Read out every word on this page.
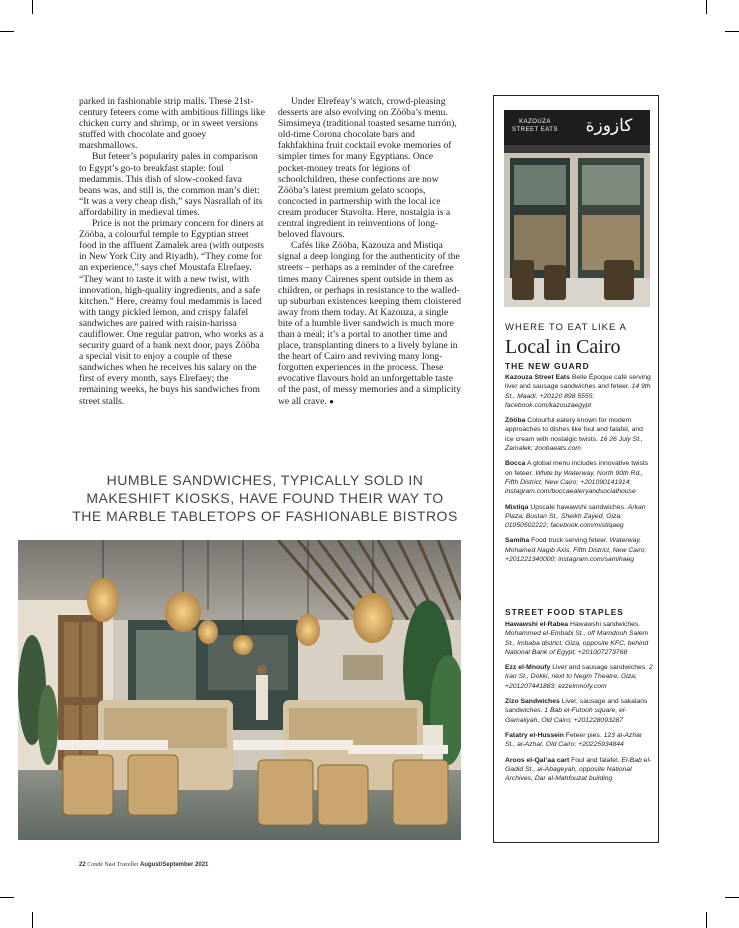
parked in fashionable strip malls. These 21st-century feteers come with ambitious fillings like chicken curry and shrimp, or in sweet versions stuffed with chocolate and gooey marshmallows.

But feteer’s popularity pales in comparison to Egypt’s go-to breakfast staple: foul medammis. This dish of slow-cooked fava beans was, and still is, the common man’s diet: “It was a very cheap dish,” says Nasrallah of its affordability in medieval times.

Price is not the primary concern for diners at Zööba, a colourful temple to Egyptian street food in the affluent Zamalek area (with outposts in New York City and Riyadh). “They come for an experience,” says chef Moustafa Elrefaey. “They want to taste it with a new twist, with innovation, high-quality ingredients, and a safe kitchen.” Here, creamy foul medammis is laced with tangy pickled lemon, and crispy falafel sandwiches are paired with raisin-harissa cauliflower. One regular patron, who works as a security guard of a bank next door, pays Zööba a special visit to enjoy a couple of these sandwiches when he receives his salary on the first of every month, says Elrefaey; the remaining weeks, he buys his sandwiches from street stalls.

Under Elrefeay’s watch, crowd-pleasing desserts are also evolving on Zööba’s menu. Simsimeya (traditional toasted sesame turrón), old-time Corona chocolate bars and fakhfakhina fruit cocktail evoke memories of simpler times for many Egyptians. Once pocket-money treats for legions of schoolchildren, these confections are now Zööba’s latest premium gelato scoops, concocted in partnership with the local ice cream producer Stavolta. Here, nostalgia is a central ingredient in reinventions of long-beloved flavours.

Cafés like Zööba, Kazouza and Mistiqa signal a deep longing for the authenticity of the streets – perhaps as a reminder of the carefree times many Cairenes spent outside in them as children, or perhaps in resistance to the walled-up suburban existences keeping them cloistered away from them today. At Kazouza, a single bite of a humble liver sandwich is much more than a meal; it’s a portal to another time and place, transplanting diners to a lively bylane in the heart of Cairo and reviving many long-forgotten experiences in the process. These evocative flavours hold an unforgettable taste of the past, of messy memories and a simplicity we all crave. ●

HUMBLE SANDWICHES, TYPICALLY SOLD IN MAKESHIFT KIOSKS, HAVE FOUND THEIR WAY TO THE MARBLE TABLETOPS OF FASHIONABLE BISTROS
KAZOUZA STREET EATS	كازوزة
WHERE TO EAT LIKE A
Local in Cairo
THE NEW GUARD

Kazouza Street Eats Belle Époque café serving liver and sausage sandwiches and feteer. 14 9th St., Maadi; +20120 898 5555; facebook.com/kazouzaegypt

Zööba Colourful eatery known for modern approaches to dishes like foul and falafel, and ice cream with nostalgic twists. 16 26 July St., Zamalek; zoobaeats.com

Bocca A global menu includes innovative twists on feteer. White by Waterway, North 90th Rd., Fifth District, New Cairo; +201090141914; instagram.com/boccaeateryandsocialhouse

Mistiqa Upscale hawawshi sandwiches. Arkan Plaza, Bustan St., Sheikh Zayed, Giza; 01050502222; facebook.com/mistiqaeg

Samiha Food truck serving feteer. Waterway, Mohamed Nagib Axis, Fifth District, New Cairo; +201221340000; instagram.com/samihaeg

STREET FOOD STAPLES

Hawawshi el-Rabea Hawawshi sandwiches. Mohammed el-Embabi St., off Mamdouh Salem St., Imbaba district, Giza, opposite KFC, behind National Bank of Egypt; +201007273768

Ezz el-Mnoufy Liver and sausage sandwiches. 2 Iran St., Dokki, next to Negm Theatre, Giza; +201207441883; ezzelmnofy.com

Zizo Sandwiches Liver, sausage and sakalans sandwiches. 1 Bab el-Futooh square, el-Gamaliyah, Old Cairo; +201228093287

Fatatry el-Hussein Feteer pies. 123 al-Azhar St., al-Azhar, Old Cairo; +20225934844

Aroos el-Qal’aa cart Foul and falafel. El-Bab el-Gadid St., al-Abageyah, opposite National Archives, Dar al-Mahfouzat building

22 Condé Nast Traveller August/September 2021
